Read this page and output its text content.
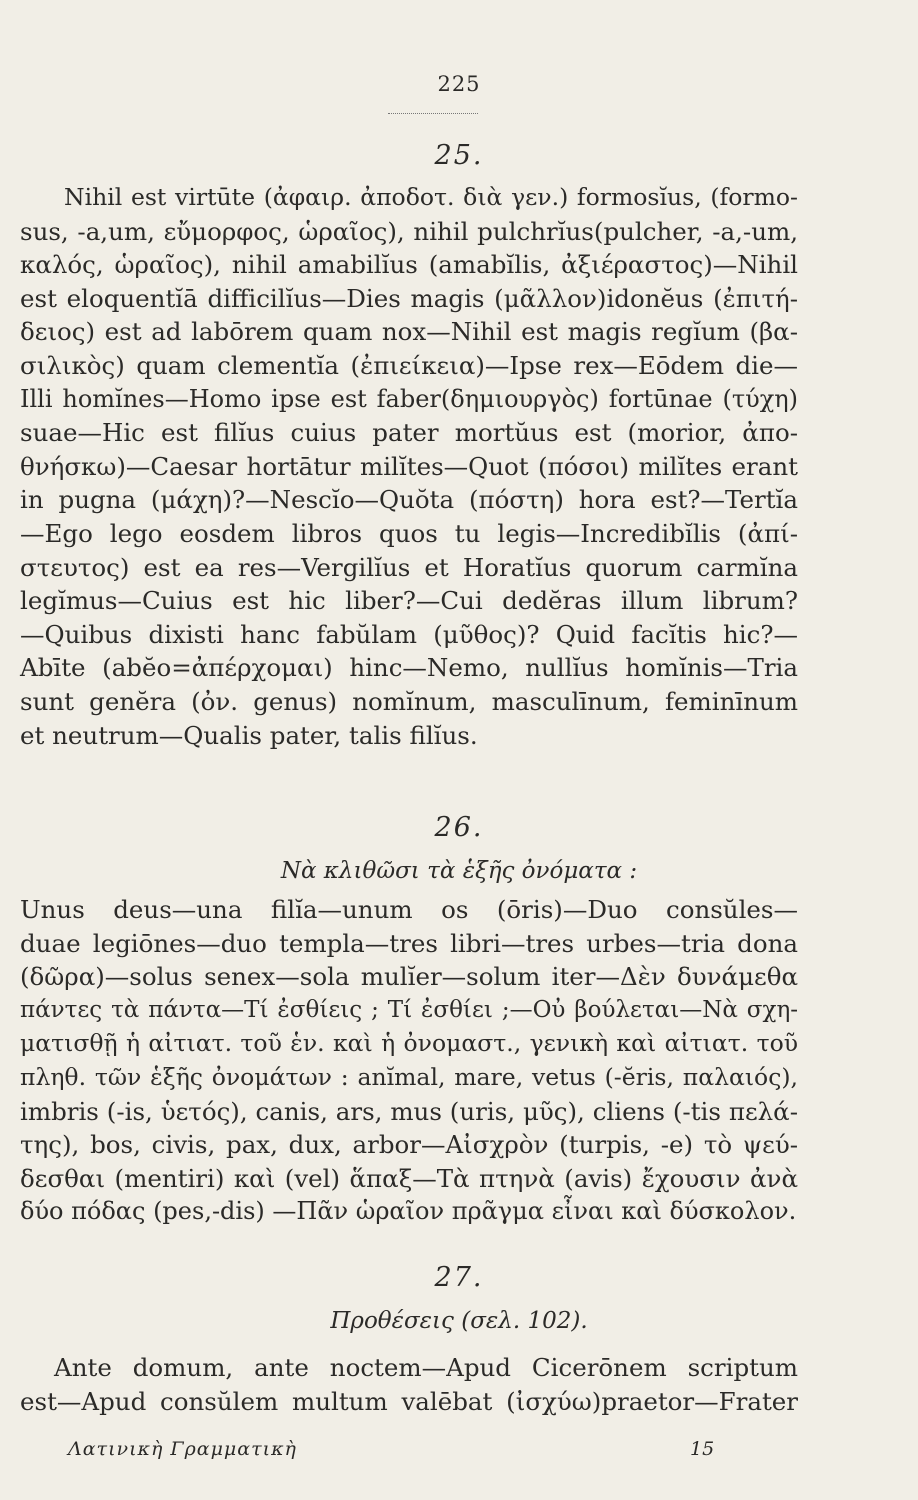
225
25.
Nihil est virtūte (ἀφαιρ. ἀποδοτ. διὰ γεν.) formosĭus, (formo-
sus, -a,um, εὔμορφος, ὡραῖος), nihil pulchrĭus(pulcher, -a,-um,
καλός, ὡραῖος), nihil amabilĭus (amabĭlis, ἀξιέραστος)—Nihil
est eloquentĭā difficilĭus—Dies magis (μᾶλλον)idonĕus (ἐπιτή-
δειος) est ad labōrem quam nox—Nihil est magis regĭum (βα-
σιλικὸς) quam clementĭa (ἐπιείκεια)—Ipse rex—Eōdem die—
Illi homĭnes—Homo ipse est faber(δημιουργὸς) fortūnae (τύχη)
suae—Hic est filĭus cuius pater mortŭus est (morior, ἀπο-
θνήσκω)—Caesar hortātur milĭtes—Quot (πόσοι) milĭtes erant
in pugna (μάχη)?—Nescĭo—Quŏta (πόστη) hora est?—Tertĭa
—Ego lego eosdem libros quos tu legis—Incredibĭlis (ἀπί-
στευτος) est ea res—Vergilĭus et Horatĭus quorum carmĭna
legĭmus—Cuius est hic liber?—Cui dedĕras illum librum?
—Quibus dixisti hanc fabŭlam (μῦθος)? Quid facĭtis hic?—
Abīte (abĕo=ἀπέρχομαι) hinc—Nemo, nullĭus homĭnis—Tria
sunt genĕra (ὀν. genus) nomĭnum, masculīnum, feminīnum
et neutrum—Qualis pater, talis filĭus.
26.
Νὰ κλιθῶσι τὰ ἑξῆς ὀνόματα :
Unus deus—una filĭa—unum os (ōris)—Duo consŭles—
duae legiōnes—duo templa—tres libri—tres urbes—tria dona
(δῶρα)—solus senex—sola mulĭer—solum iter—Δὲν δυνάμεθα
πάντες τὰ πάντα—Τί ἐσθίεις ; Τί ἐσθίει ;—Οὐ βούλεται—Νὰ σχη-
ματισθῇ ἡ αἰτιατ. τοῦ ἑν. καὶ ἡ ὀνομαστ., γενικὴ καὶ αἰτιατ. τοῦ
πληθ. τῶν ἑξῆς ὀνομάτων : anĭmal, mare, vetus (-ĕris, παλαιός),
imbris (-is, ὑετός), canis, ars, mus (uris, μῦς), cliens (-tis πελά-
της), bos, civis, pax, dux, arbor—Αἰσχρὸν (turpis, -e) τὸ ψεύ-
δεσθαι (mentiri) καὶ (vel) ἅπαξ—Τὰ πτηνὰ (avis) ἔχουσιν ἀνὰ
δύο πόδας (pes,-dis) —Πᾶν ὡραῖον πρᾶγμα εἶναι καὶ δύσκολον.
27.
Προθέσεις (σελ. 102).
Ante domum, ante noctem—Apud Cicerōnem scriptum
est—Apud consŭlem multum valēbat (ἰσχύω)praetor—Frater
Λατινικὴ Γραμματικὴ	15
